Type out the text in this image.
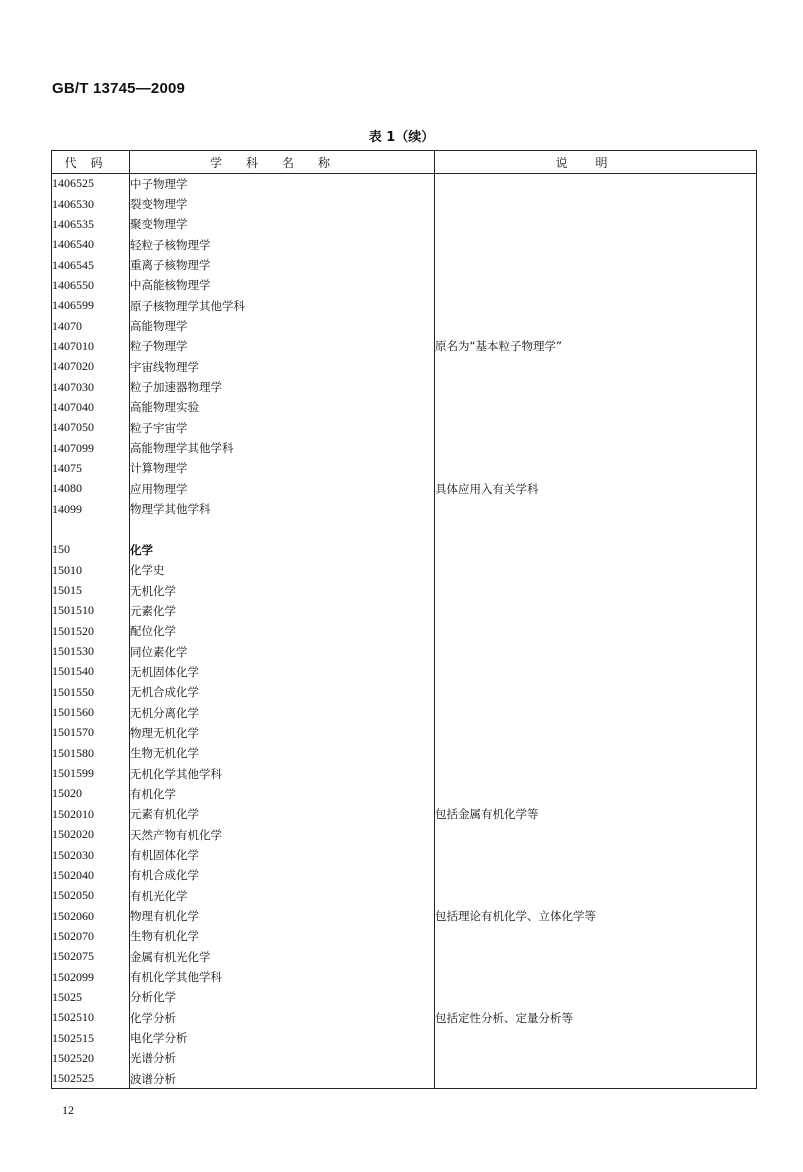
GB/T 13745—2009
表 1（续）
代码	学科名称	说明
1406525	中子物理学	
1406530	裂变物理学	
1406535	聚变物理学	
1406540	轻粒子核物理学	
1406545	重离子核物理学	
1406550	中高能核物理学	
1406599	原子核物理学其他学科	
14070	高能物理学	
1407010	粒子物理学	原名为“基本粒子物理学”
1407020	宇宙线物理学	
1407030	粒子加速器物理学	
1407040	高能物理实验	
1407050	粒子宇宙学	
1407099	高能物理学其他学科	
14075	计算物理学	
14080	应用物理学	具体应用入有关学科
14099	物理学其他学科	

150	化学	
15010	化学史	
15015	无机化学	
1501510	元素化学	
1501520	配位化学	
1501530	同位素化学	
1501540	无机固体化学	
1501550	无机合成化学	
1501560	无机分离化学	
1501570	物理无机化学	
1501580	生物无机化学	
1501599	无机化学其他学科	
15020	有机化学	
1502010	元素有机化学	包括金属有机化学等
1502020	天然产物有机化学	
1502030	有机固体化学	
1502040	有机合成化学	
1502050	有机光化学	
1502060	物理有机化学	包括理论有机化学、立体化学等
1502070	生物有机化学	
1502075	金属有机光化学	
1502099	有机化学其他学科	
15025	分析化学	
1502510	化学分析	包括定性分析、定量分析等
1502515	电化学分析	
1502520	光谱分析	
1502525	波谱分析	
12
